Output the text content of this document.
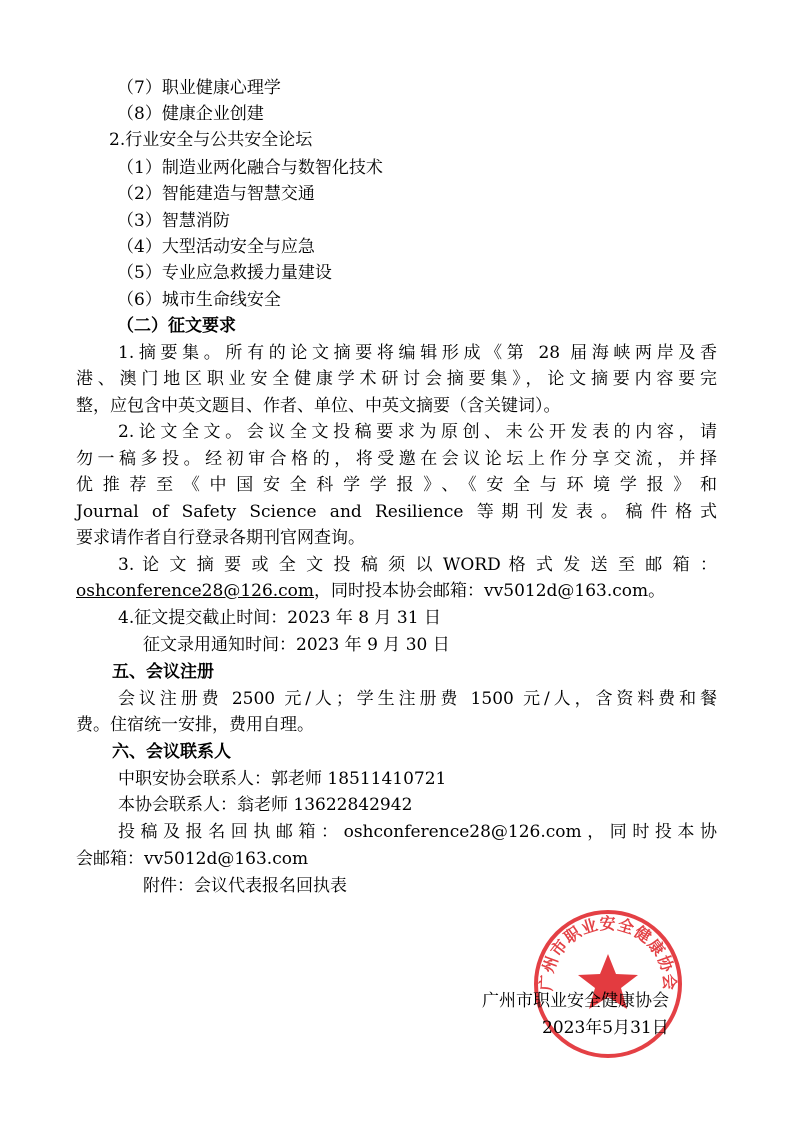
（7）职业健康心理学
（8）健康企业创建
2.行业安全与公共安全论坛
（1）制造业两化融合与数智化技术
（2）智能建造与智慧交通
（3）智慧消防
（4）大型活动安全与应急
（5）专业应急救援力量建设
（6）城市生命线安全
（二）征文要求
1.摘要集。所有的论文摘要将编辑形成《第 28 届海峡两岸及香
港、澳门地区职业安全健康学术研讨会摘要集》，论文摘要内容要完
整，应包含中英文题目、作者、单位、中英文摘要（含关键词）。
2.论文全文。会议全文投稿要求为原创、未公开发表的内容，请
勿一稿多投。经初审合格的，将受邀在会议论坛上作分享交流，并择
优推荐至《中国安全科学学报》、《安全与环境学报》和
Journal of Safety Science and Resilience 等期刊发表。稿件格式
要求请作者自行登录各期刊官网查询。
3. 论 文 摘 要 或 全 文 投 稿 须 以 WORD 格 式 发 送 至 邮 箱 ：
oshconference28@126.com，同时投本协会邮箱：vv5012d@163.com。
4.征文提交截止时间：2023 年 8 月 31 日
征文录用通知时间：2023 年 9 月 30 日
五、会议注册
会议注册费 2500 元/人；学生注册费 1500 元/人，含资料费和餐
费。住宿统一安排，费用自理。
六、会议联系人
中职安协会联系人：郭老师 18511410721
本协会联系人：翁老师 13622842942
投稿及报名回执邮箱：oshconference28@126.com，同时投本协
会邮箱：vv5012d@163.com
附件：会议代表报名回执表
广州市职业安全健康协会
广州市职业安全健康协会
2023年5月31日
